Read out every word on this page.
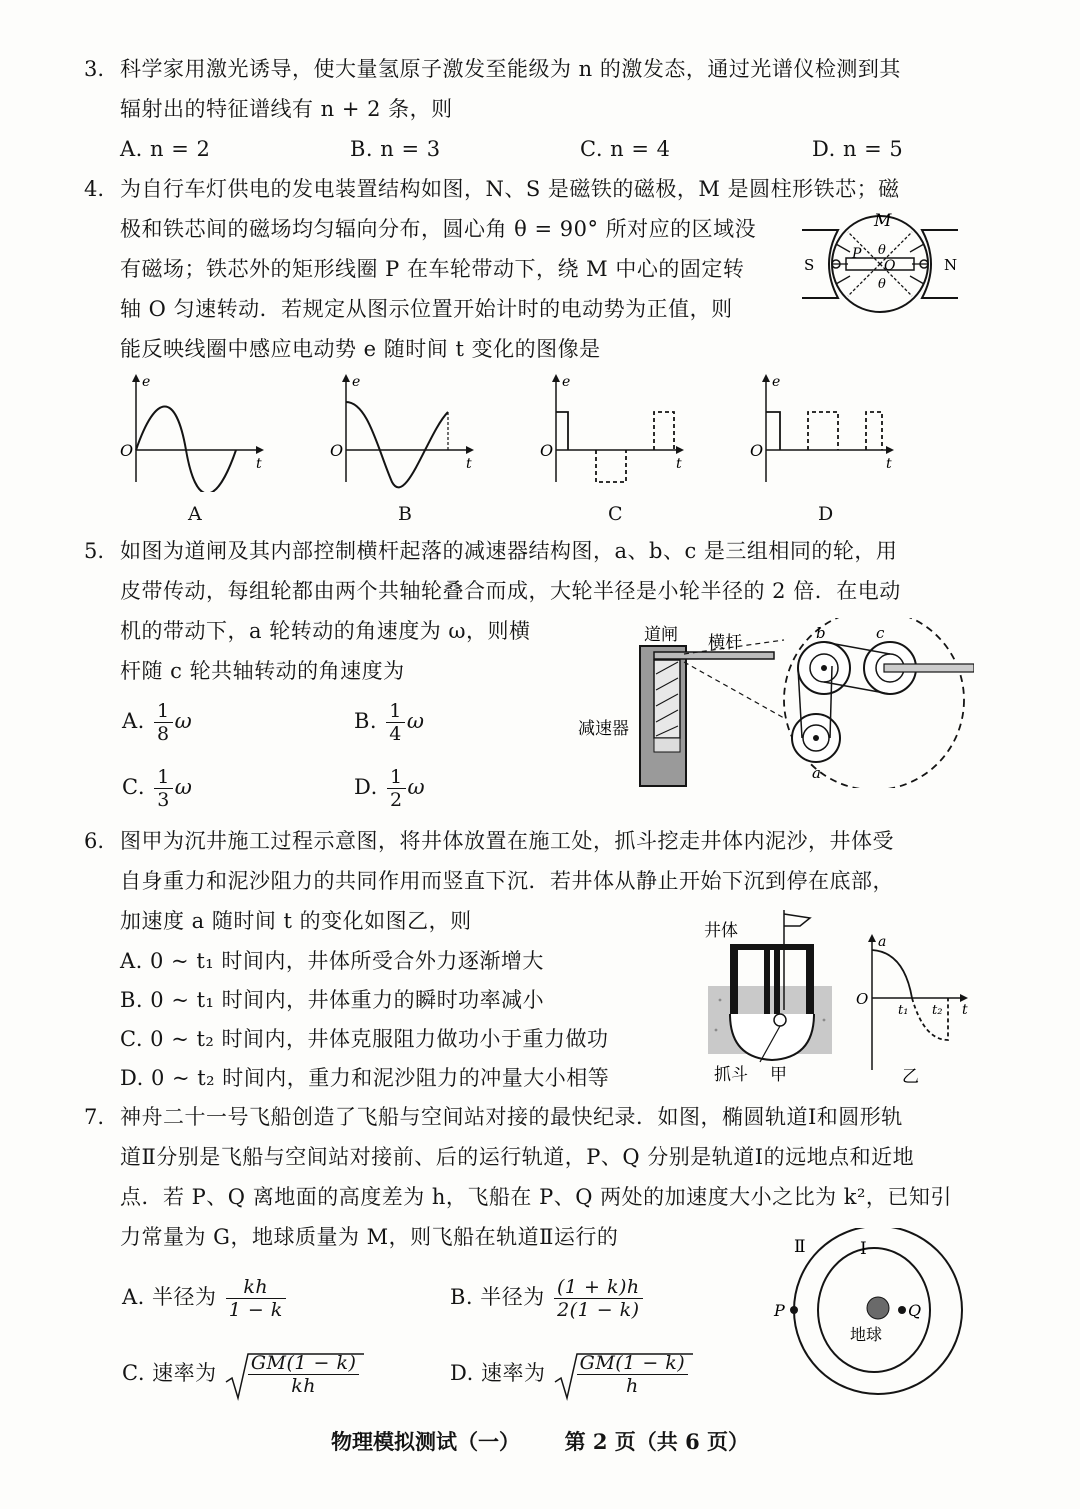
3. 科学家用激光诱导，使大量氢原子激发至能级为 n 的激发态，通过光谱仪检测到其
辐射出的特征谱线有 n + 2 条，则
A. n = 2	B. n = 3	C. n = 4	D. n = 5
4. 为自行车灯供电的发电装置结构如图，N、S 是磁铁的磁极，M 是圆柱形铁芯；磁
极和铁芯间的磁场均匀辐向分布，圆心角 θ = 90° 所对应的区域没
有磁场；铁芯外的矩形线圈 P 在车轮带动下，绕 M 中心的固定转
轴 O 匀速转动．若规定从图示位置开始计时的电动势为正值，则
能反映线圈中感应电动势 e 随时间 t 变化的图像是
M
S	N
P
O
θ
θ
e
O
t
A
e
O
t
B
e
O
t
C
e
O
t
D
5. 如图为道闸及其内部控制横杆起落的减速器结构图，a、b、c 是三组相同的轮，用
皮带传动，每组轮都由两个共轴轮叠合而成，大轮半径是小轮半径的 2 倍．在电动
机的带动下，a 轮转动的角速度为 ω，则横
杆随 c 轮共轴转动的角速度为
A. $\frac{1}{8}$ ω	B. $\frac{1}{4}$ ω
C. $\frac{1}{3}$ ω	D. $\frac{1}{2}$ ω
道闸 横杆
减速器
b	c
a
6. 图甲为沉井施工过程示意图，将井体放置在施工处，抓斗挖走井体内泥沙，井体受
自身重力和泥沙阻力的共同作用而竖直下沉．若井体从静止开始下沉到停在底部，
加速度 a 随时间 t 的变化如图乙，则
A. 0 ~ t₁ 时间内，井体所受合外力逐渐增大
B. 0 ~ t₁ 时间内，井体重力的瞬时功率减小
C. 0 ~ t₂ 时间内，井体克服阻力做功小于重力做功
D. 0 ~ t₂ 时间内，重力和泥沙阻力的冲量大小相等
井体
抓斗 甲
a
O
t
t₁ t₂
乙
7. 神舟二十一号飞船创造了飞船与空间站对接的最快纪录．如图，椭圆轨道Ⅰ和圆形轨
道Ⅱ分别是飞船与空间站对接前、后的运行轨道，P、Q 分别是轨道Ⅰ的远地点和近地
点．若 P、Q 离地面的高度差为 h，飞船在 P、Q 两处的加速度大小之比为 k²，已知引
力常量为 G，地球质量为 M，则飞船在轨道Ⅱ运行的
A. 半径为 $\frac{kh}{1 - k}$	B. 半径为 $\frac{(1 + k)h}{2(1 - k)}$
C. 速率为 $\frac{GM(1 - k)}{kh}$	D. 速率为 $\frac{GM(1 - k)}{h}$
Ⅱ	Ⅰ
P	Q
地球
物理模拟测试（一） 第 2 页（共 6 页）
